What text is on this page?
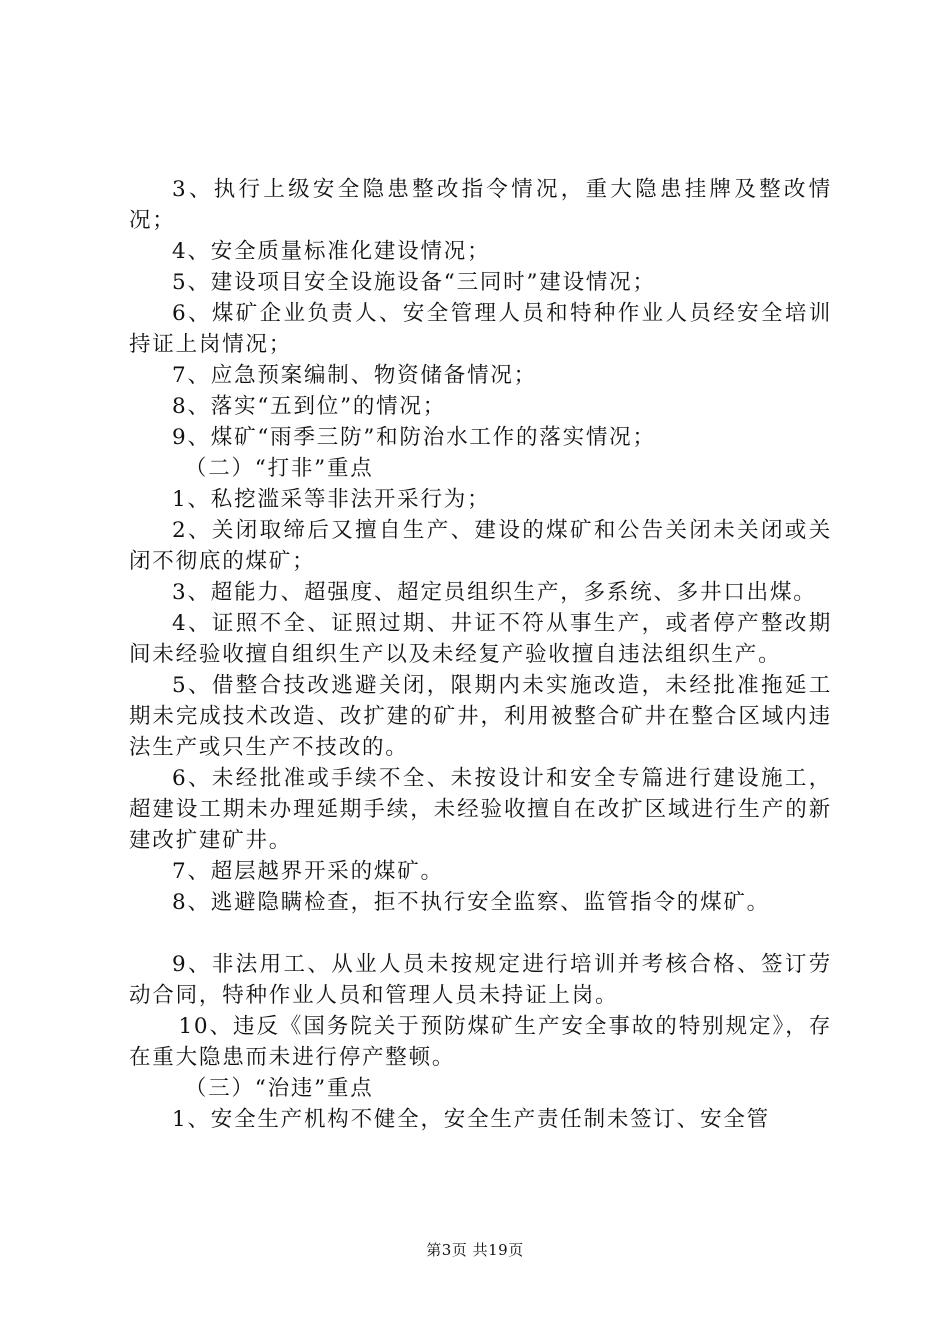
3、执行上级安全隐患整改指令情况，重大隐患挂牌及整改情况；

4、安全质量标准化建设情况；

5、建设项目安全设施设备“三同时”建设情况；

6、煤矿企业负责人、安全管理人员和特种作业人员经安全培训持证上岗情况；

7、应急预案编制、物资储备情况；

8、落实“五到位”的情况；

9、煤矿“雨季三防”和防治水工作的落实情况；

（二）“打非”重点

1、私挖滥采等非法开采行为；

2、关闭取缔后又擅自生产、建设的煤矿和公告关闭未关闭或关闭不彻底的煤矿；

3、超能力、超强度、超定员组织生产，多系统、多井口出煤。

4、证照不全、证照过期、井证不符从事生产，或者停产整改期间未经验收擅自组织生产以及未经复产验收擅自违法组织生产。

5、借整合技改逃避关闭，限期内未实施改造，未经批准拖延工期未完成技术改造、改扩建的矿井，利用被整合矿井在整合区域内违法生产或只生产不技改的。

6、未经批准或手续不全、未按设计和安全专篇进行建设施工，超建设工期未办理延期手续，未经验收擅自在改扩区域进行生产的新建改扩建矿井。

7、超层越界开采的煤矿。

8、逃避隐瞒检查，拒不执行安全监察、监管指令的煤矿。

9、非法用工、从业人员未按规定进行培训并考核合格、签订劳动合同，特种作业人员和管理人员未持证上岗。

10、违反《国务院关于预防煤矿生产安全事故的特别规定》，存在重大隐患而未进行停产整顿。

（三）“治违”重点

1、安全生产机构不健全，安全生产责任制未签订、安全管

第3页 共19页
